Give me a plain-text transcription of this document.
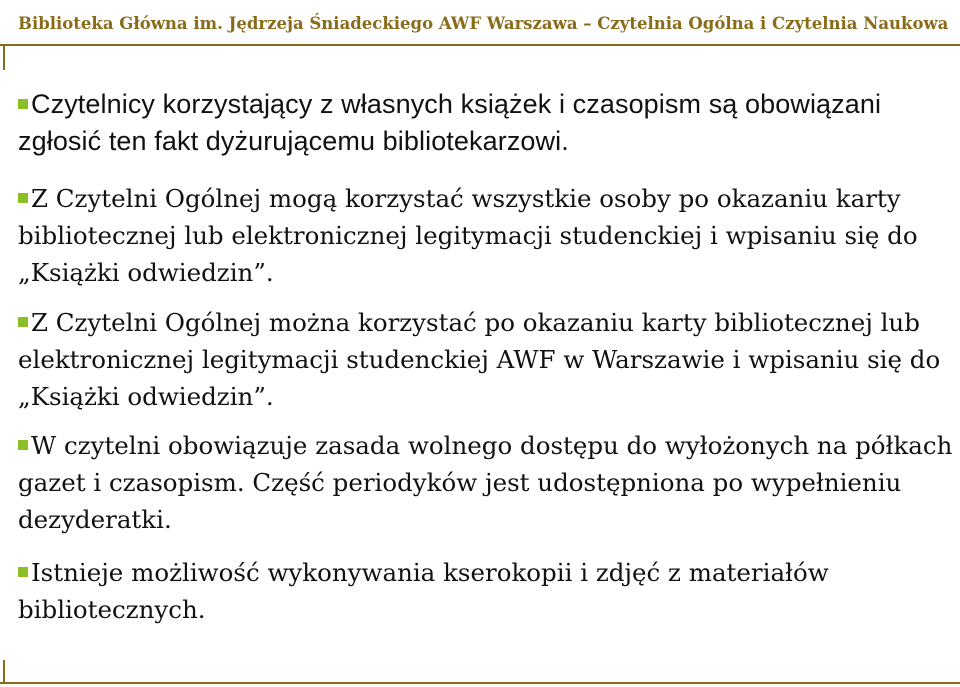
Biblioteka Główna im. Jędrzeja Śniadeckiego AWF Warszawa – Czytelnia Ogólna i Czytelnia Naukowa
Czytelnicy korzystający z własnych książek i czasopism są obowiązani zgłosić ten fakt dyżurującemu bibliotekarzowi.
Z Czytelni Ogólnej mogą korzystać wszystkie osoby po okazaniu karty bibliotecznej lub elektronicznej legitymacji studenckiej i wpisaniu się do „Książki odwiedzin”.
Z Czytelni Ogólnej można korzystać po okazaniu karty bibliotecznej lub elektronicznej legitymacji studenckiej AWF w Warszawie i wpisaniu się do „Książki odwiedzin”.
W czytelni obowiązuje zasada wolnego dostępu do wyłożonych na półkach gazet i czasopism. Część periodyków jest udostępniona po wypełnieniu dezyderatki.
Istnieje możliwość wykonywania kserokopii i zdjęć z materiałów bibliotecznych.
